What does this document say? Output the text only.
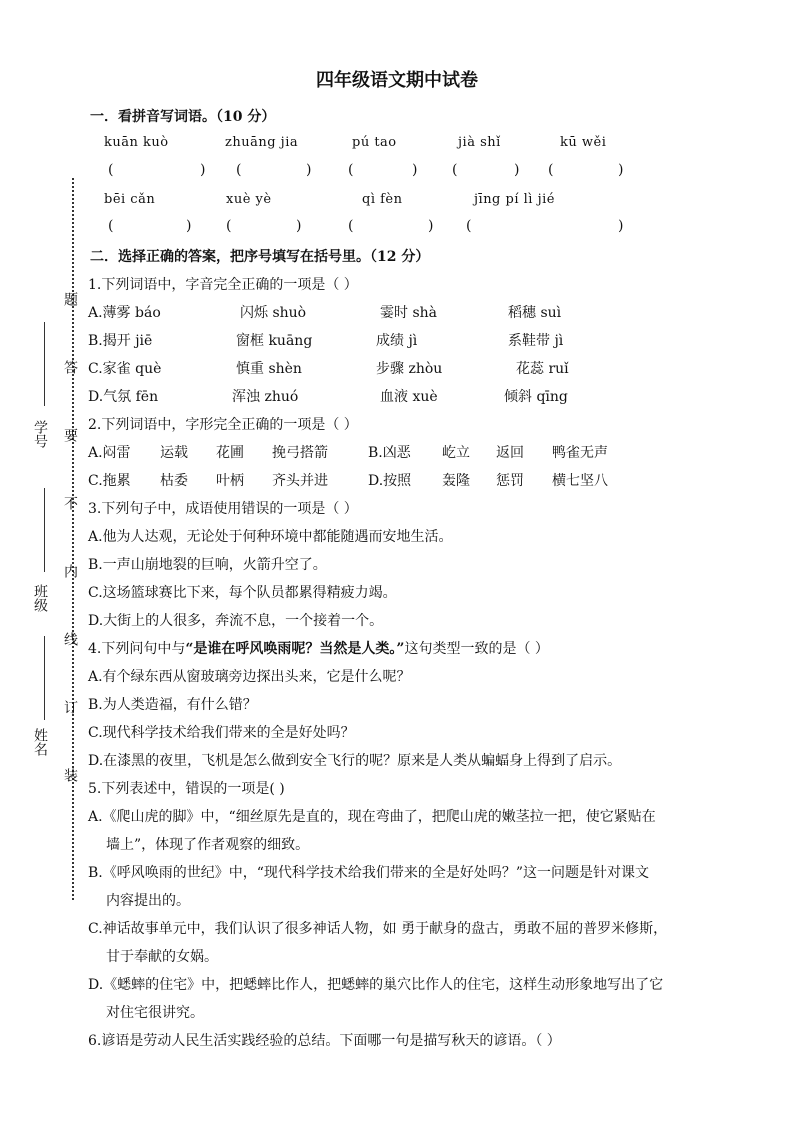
学号
班级
姓名
题
答
要
不
内
线
订
装
四年级语文期中试卷
一．看拼音写词语。（10 分）
kuān kuò	zhuāng jia	pú tao	jià shǐ	kū wěi
(	) (	)	(	) (	) (	)
bēi cǎn	xuè yè	qì fèn	jīng pí lì jié
(	) (	)	(	) (	)
二．选择正确的答案，把序号填写在括号里。（12 分）
1.下列词语中，字音完全正确的一项是（ ）
A.薄雾 báo	闪烁 shuò	霎时 shà	稻穗 suì
B.揭开 jiē	窗框 kuāng	成绩 jì	系鞋带 jì
C.家雀 què	慎重 shèn	步骤 zhòu	花蕊 ruǐ
D.气氛 fēn	浑浊 zhuó	血液 xuè	倾斜 qīng
2.下列词语中，字形完全正确的一项是（ ）
A.闷雷 运载 花圃 挽弓搭箭	B.凶恶 屹立 返回 鸭雀无声
C.拖累 枯委 叶柄 齐头并进	D.按照 轰隆 惩罚 横七坚八
3.下列句子中，成语使用错误的一项是（ ）
A.他为人达观，无论处于何种环境中都能随遇而安地生活。
B.一声山崩地裂的巨响，火箭升空了。
C.这场篮球赛比下来，每个队员都累得精疲力竭。
D.大街上的人很多，奔流不息，一个接着一个。
4.下列问句中与“是谁在呼风唤雨呢？当然是人类。”这句类型一致的是（ ）
A.有个绿东西从窗玻璃旁边探出头来，它是什么呢？
B.为人类造福，有什么错？
C.现代科学技术给我们带来的全是好处吗？
D.在漆黑的夜里，飞机是怎么做到安全飞行的呢？原来是人类从蝙蝠身上得到了启示。
5.下列表述中，错误的一项是( )
A.《爬山虎的脚》中，“细丝原先是直的，现在弯曲了，把爬山虎的嫩茎拉一把，使它紧贴在
墙上”，体现了作者观察的细致。
B.《呼风唤雨的世纪》中，“现代科学技术给我们带来的全是好处吗？”这一问题是针对课文
内容提出的。
C.神话故事单元中，我们认识了很多神话人物，如 勇于献身的盘古，勇敢不屈的普罗米修斯，
甘于奉献的女娲。
D.《蟋蟀的住宅》中，把蟋蟀比作人，把蟋蟀的巢穴比作人的住宅，这样生动形象地写出了它
对住宅很讲究。
6.谚语是劳动人民生活实践经验的总结。下面哪一句是描写秋天的谚语。（ ）
